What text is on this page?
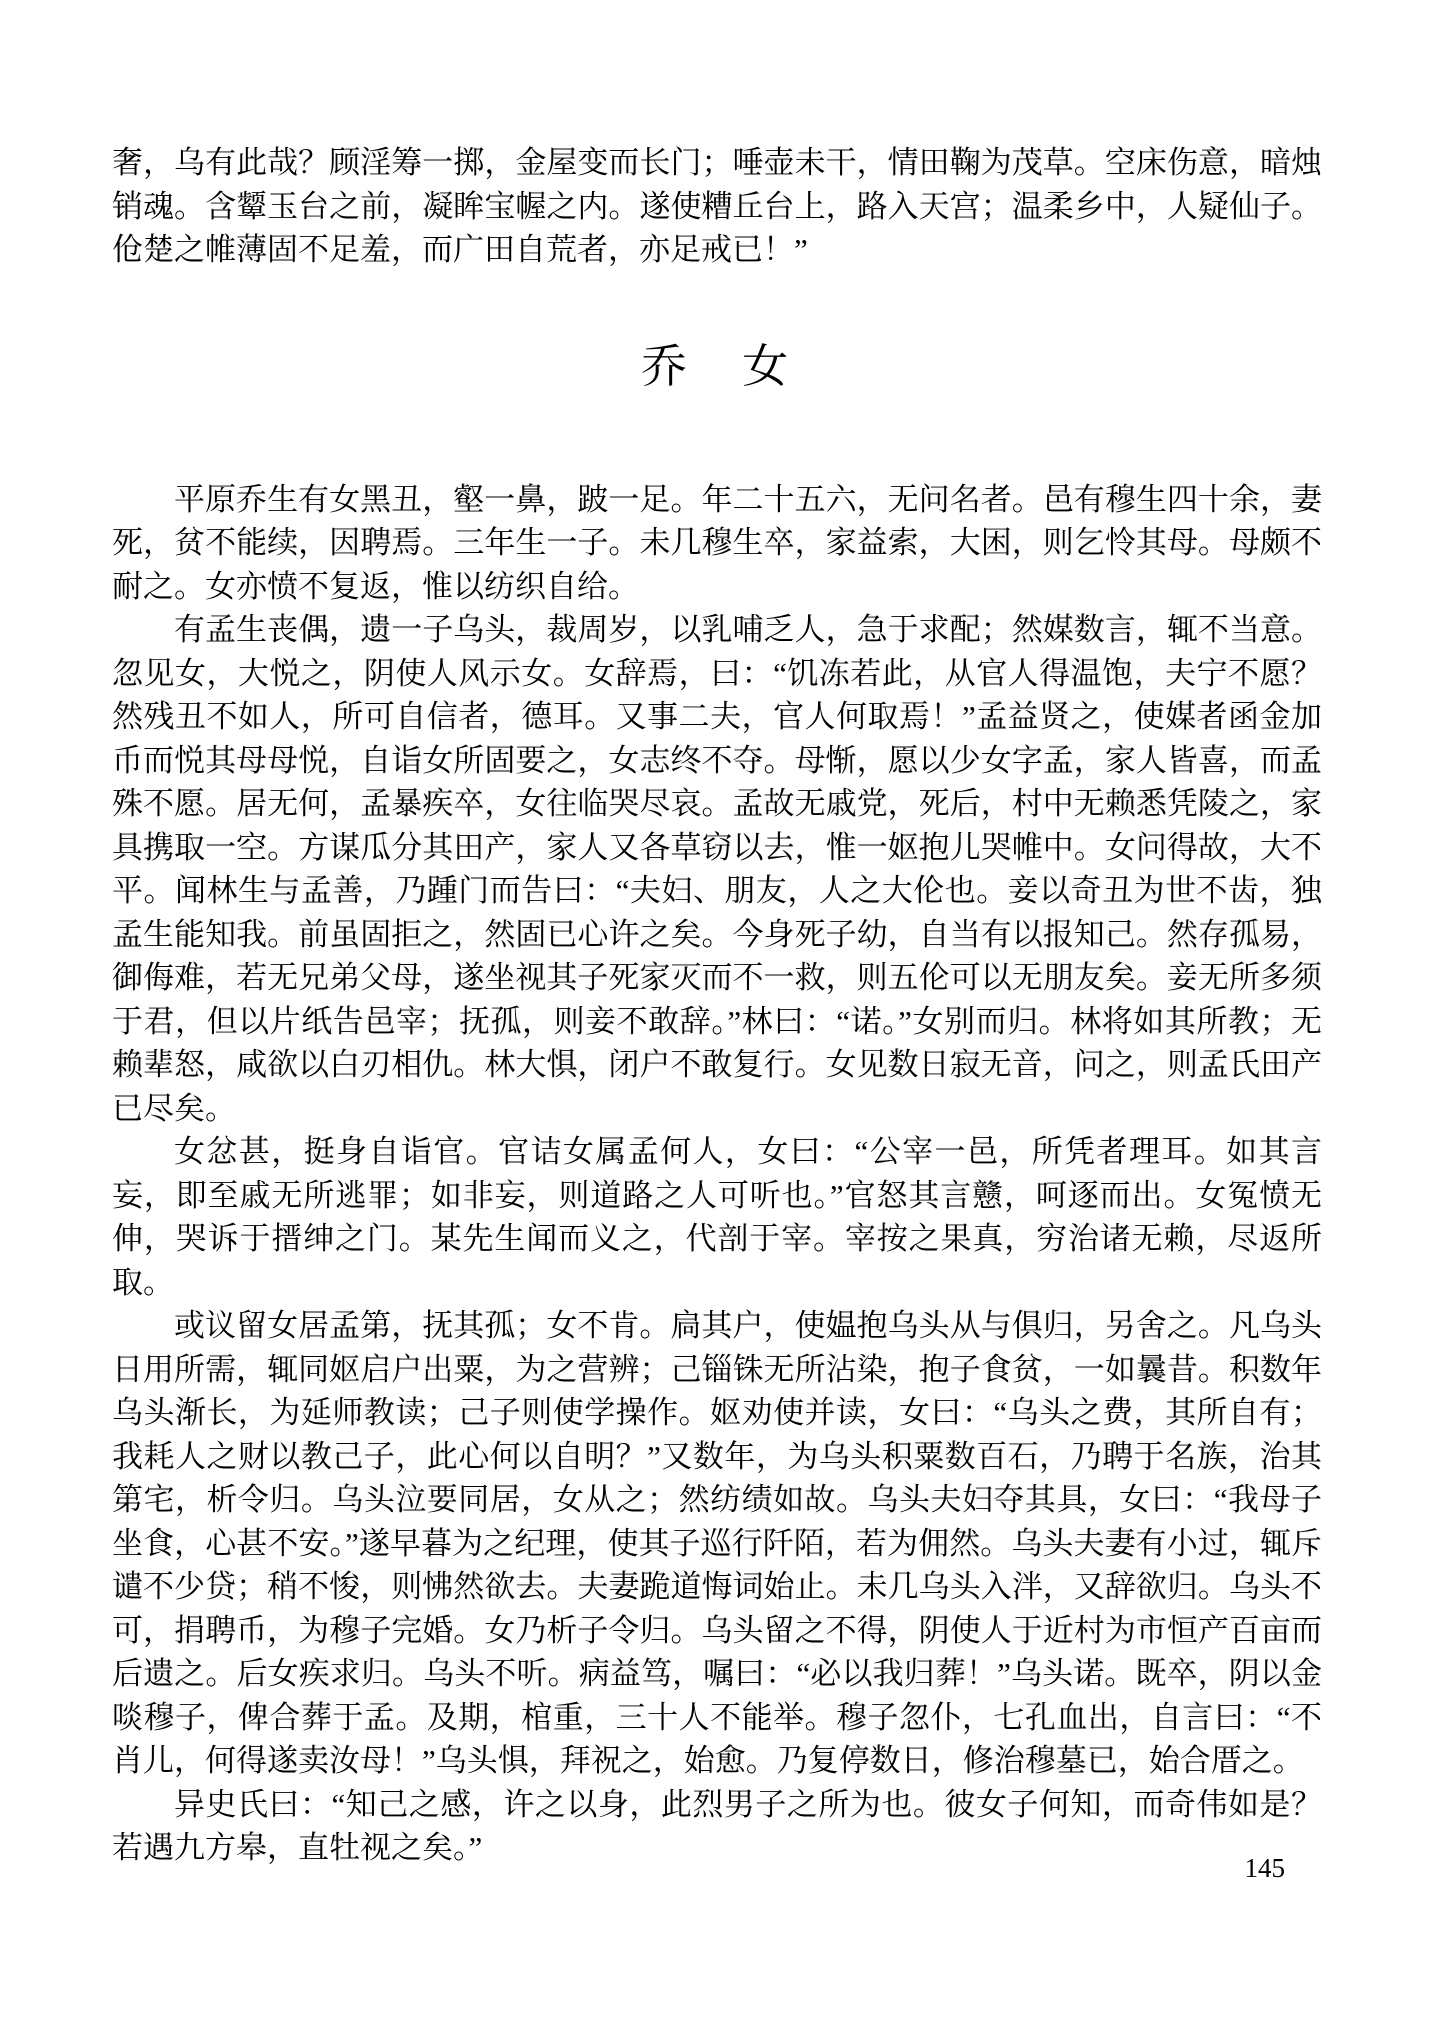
奢，乌有此哉？顾淫筹一掷，金屋变而长门；唾壶未干，情田鞠为茂草。空床伤意，暗烛销魂。含颦玉台之前，凝眸宝幄之内。遂使糟丘台上，路入天宫；温柔乡中，人疑仙子。伧楚之帷薄固不足羞，而广田自荒者，亦足戒已！”

乔　女

平原乔生有女黑丑，壑一鼻，跛一足。年二十五六，无问名者。邑有穆生四十余，妻死，贫不能续，因聘焉。三年生一子。未几穆生卒，家益索，大困，则乞怜其母。母颇不耐之。女亦愤不复返，惟以纺织自给。

有孟生丧偶，遗一子乌头，裁周岁，以乳哺乏人，急于求配；然媒数言，辄不当意。忽见女，大悦之，阴使人风示女。女辞焉，曰：“饥冻若此，从官人得温饱，夫宁不愿？然残丑不如人，所可自信者，德耳。又事二夫，官人何取焉！”孟益贤之，使媒者函金加币而悦其母母悦，自诣女所固要之，女志终不夺。母惭，愿以少女字孟，家人皆喜，而孟殊不愿。居无何，孟暴疾卒，女往临哭尽哀。孟故无戚党，死后，村中无赖悉凭陵之，家具携取一空。方谋瓜分其田产，家人又各草窃以去，惟一妪抱儿哭帷中。女问得故，大不平。闻林生与孟善，乃踵门而告曰：“夫妇、朋友，人之大伦也。妾以奇丑为世不齿，独孟生能知我。前虽固拒之，然固已心许之矣。今身死子幼，自当有以报知己。然存孤易，御侮难，若无兄弟父母，遂坐视其子死家灭而不一救，则五伦可以无朋友矣。妾无所多须于君，但以片纸告邑宰；抚孤，则妾不敢辞。”林曰：“诺。”女别而归。林将如其所教；无赖辈怒，咸欲以白刃相仇。林大惧，闭户不敢复行。女见数日寂无音，问之，则孟氏田产已尽矣。

女忿甚，挺身自诣官。官诘女属孟何人，女曰：“公宰一邑，所凭者理耳。如其言妄，即至戚无所逃罪；如非妄，则道路之人可听也。”官怒其言戆，呵逐而出。女冤愤无伸，哭诉于搢绅之门。某先生闻而义之，代剖于宰。宰按之果真，穷治诸无赖，尽返所取。

或议留女居孟第，抚其孤；女不肯。扃其户，使媪抱乌头从与俱归，另舍之。凡乌头日用所需，辄同妪启户出粟，为之营辨；己锱铢无所沾染，抱子食贫，一如曩昔。积数年乌头渐长，为延师教读；己子则使学操作。妪劝使并读，女曰：“乌头之费，其所自有；我耗人之财以教己子，此心何以自明？”又数年，为乌头积粟数百石，乃聘于名族，治其第宅，析令归。乌头泣要同居，女从之；然纺绩如故。乌头夫妇夺其具，女曰：“我母子坐食，心甚不安。”遂早暮为之纪理，使其子巡行阡陌，若为佣然。乌头夫妻有小过，辄斥谴不少贷；稍不悛，则怫然欲去。夫妻跪道悔词始止。未几乌头入泮，又辞欲归。乌头不可，捐聘币，为穆子完婚。女乃析子令归。乌头留之不得，阴使人于近村为市恒产百亩而后遗之。后女疾求归。乌头不听。病益笃，嘱曰：“必以我归葬！”乌头诺。既卒，阴以金啖穆子，俾合葬于孟。及期，棺重，三十人不能举。穆子忽仆，七孔血出，自言曰：“不肖儿，何得遂卖汝母！”乌头惧，拜祝之，始愈。乃复停数日，修治穆墓已，始合厝之。

异史氏曰：“知己之感，许之以身，此烈男子之所为也。彼女子何知，而奇伟如是？若遇九方皋，直牡视之矣。”

145
